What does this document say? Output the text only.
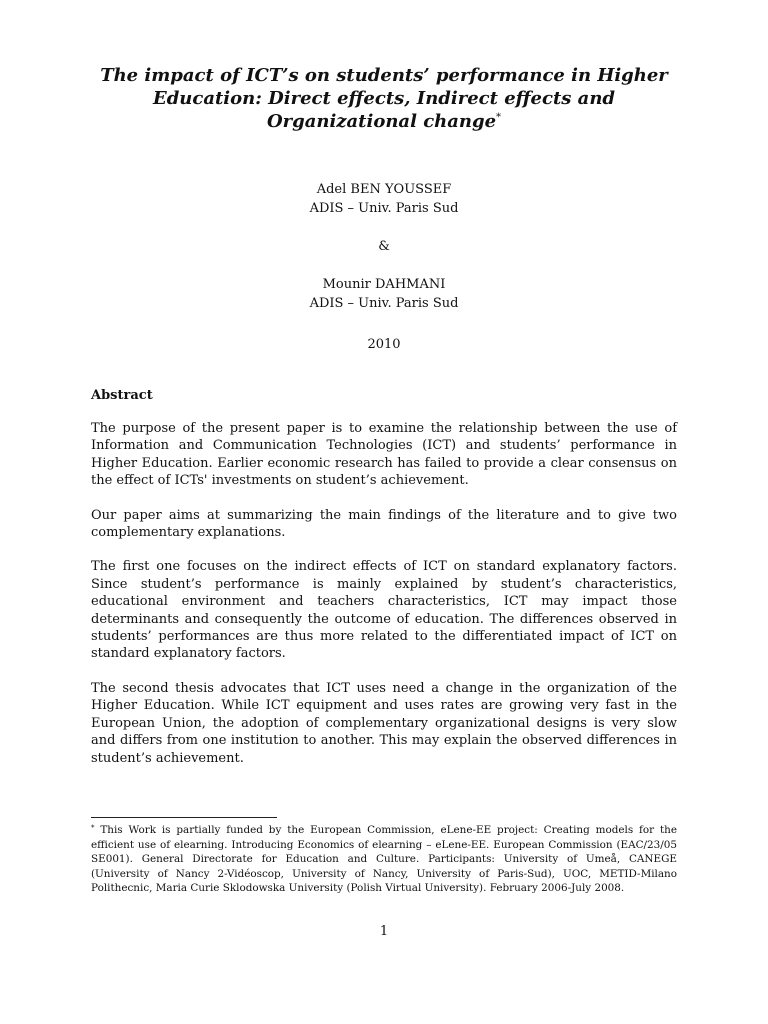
The impact of ICT’s on students’ performance in Higher Education: Direct effects, Indirect effects and Organizational change*
Adel BEN YOUSSEF
ADIS – Univ. Paris Sud
&
Mounir DAHMANI
ADIS – Univ. Paris Sud
2010
Abstract

The purpose of the present paper is to examine the relationship between the use of Information and Communication Technologies (ICT) and students’ performance in Higher Education. Earlier economic research has failed to provide a clear consensus on the effect of ICTs' investments on student’s achievement.

Our paper aims at summarizing the main findings of the literature and to give two complementary explanations.

The first one focuses on the indirect effects of ICT on standard explanatory factors. Since student’s performance is mainly explained by student’s characteristics, educational environment and teachers characteristics, ICT may impact those determinants and consequently the outcome of education. The differences observed in students’ performances are thus more related to the differentiated impact of ICT on standard explanatory factors.

The second thesis advocates that ICT uses need a change in the organization of the Higher Education. While ICT equipment and uses rates are growing very fast in the European Union, the adoption of complementary organizational designs is very slow and differs from one institution to another. This may explain the observed differences in student’s achievement.

* This Work is partially funded by the European Commission, eLene-EE project: Creating models for the efficient use of elearning. Introducing Economics of elearning – eLene-EE. European Commission (EAC/23/05 SE001). General Directorate for Education and Culture. Participants: University of Umeå, CANEGE (University of Nancy 2-Vidéoscop, University of Nancy, University of Paris-Sud), UOC, METID-Milano Polithecnic, Maria Curie Sklodowska University (Polish Virtual University). February 2006-July 2008.
1
